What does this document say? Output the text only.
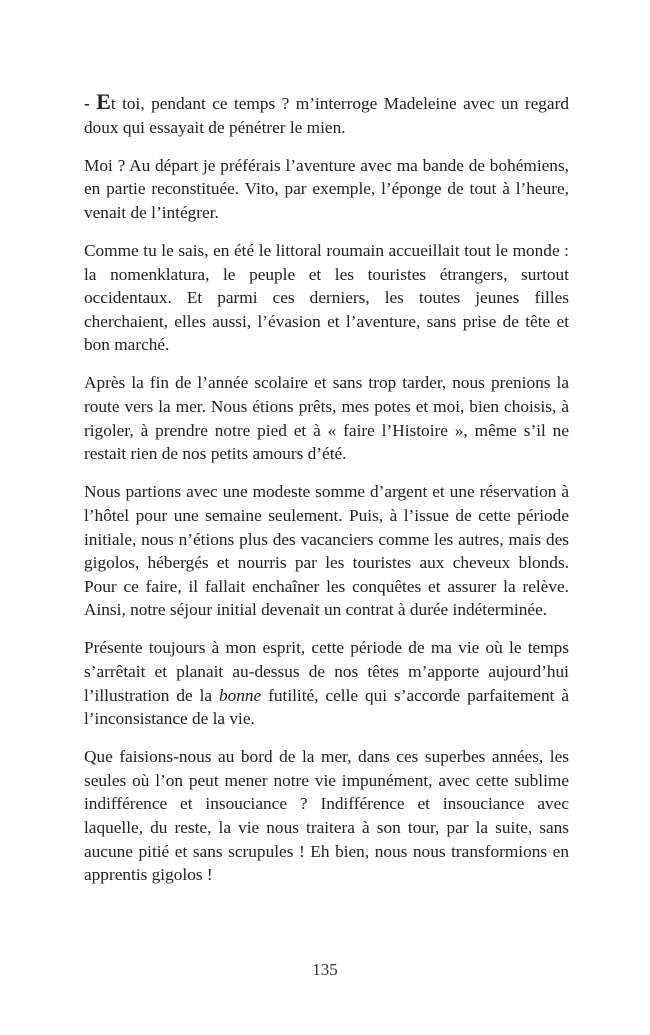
- Et toi, pendant ce temps ? m’interroge Madeleine avec un regard doux qui essayait de pénétrer le mien.

Moi ? Au départ je préférais l’aventure avec ma bande de bohémiens, en partie reconstituée. Vito, par exemple, l’éponge de tout à l’heure, venait de l’intégrer.

Comme tu le sais, en été le littoral roumain accueillait tout le monde : la nomenklatura, le peuple et les touristes étrangers, surtout occidentaux. Et parmi ces derniers, les toutes jeunes filles cherchaient, elles aussi, l’évasion et l’aventure, sans prise de tête et bon marché.

Après la fin de l’année scolaire et sans trop tarder, nous prenions la route vers la mer. Nous étions prêts, mes potes et moi, bien choisis, à rigoler, à prendre notre pied et à « faire l’Histoire », même s’il ne restait rien de nos petits amours d’été.

Nous partions avec une modeste somme d’argent et une réservation à l’hôtel pour une semaine seulement. Puis, à l’issue de cette période initiale, nous n’étions plus des vacanciers comme les autres, mais des gigolos, hébergés et nourris par les touristes aux cheveux blonds. Pour ce faire, il fallait enchaîner les conquêtes et assurer la relève. Ainsi, notre séjour initial devenait un contrat à durée indéterminée.

Présente toujours à mon esprit, cette période de ma vie où le temps s’arrêtait et planait au-dessus de nos têtes m’apporte aujourd’hui l’illustration de la bonne futilité, celle qui s’accorde parfaitement à l’inconsistance de la vie.

Que faisions-nous au bord de la mer, dans ces superbes années, les seules où l’on peut mener notre vie impunément, avec cette sublime indifférence et insouciance ? Indifférence et insouciance avec laquelle, du reste, la vie nous traitera à son tour, par la suite, sans aucune pitié et sans scrupules ! Eh bien, nous nous transformions en apprentis gigolos !

135
